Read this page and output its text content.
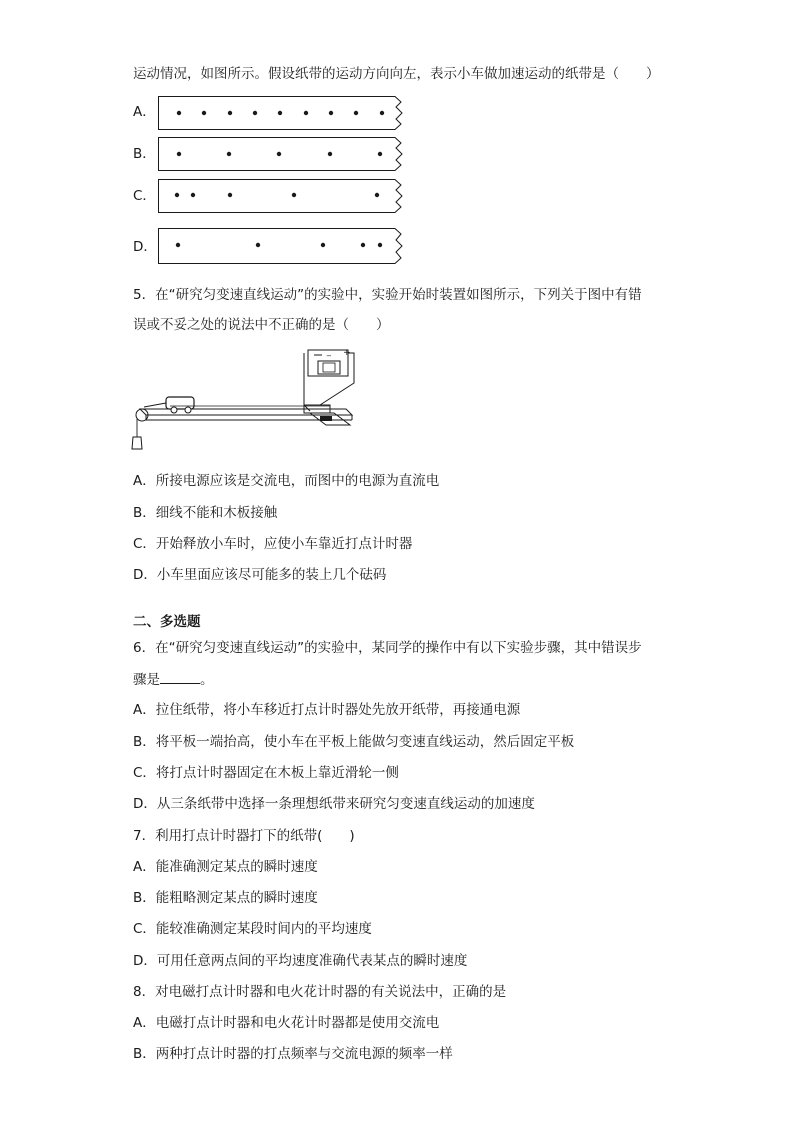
运动情况，如图所示。假设纸带的运动方向向左，表示小车做加速运动的纸带是（　　）
A．
B．
C．
D．
5．在“研究匀变速直线运动”的实验中，实验开始时装置如图所示，下列关于图中有错
误或不妥之处的说法中不正确的是（　　）
− +
A．所接电源应该是交流电，而图中的电源为直流电
B．细线不能和木板接触
C．开始释放小车时，应使小车靠近打点计时器
D．小车里面应该尽可能多的装上几个砝码
二、多选题
6．在“研究匀变速直线运动”的实验中，某同学的操作中有以下实验步骤，其中错误步
骤是	。
A．拉住纸带，将小车移近打点计时器处先放开纸带，再接通电源
B．将平板一端抬高，使小车在平板上能做匀变速直线运动，然后固定平板
C．将打点计时器固定在木板上靠近滑轮一侧
D．从三条纸带中选择一条理想纸带来研究匀变速直线运动的加速度
7．利用打点计时器打下的纸带(　　)
A．能准确测定某点的瞬时速度
B．能粗略测定某点的瞬时速度
C．能较准确测定某段时间内的平均速度
D．可用任意两点间的平均速度准确代表某点的瞬时速度
8．对电磁打点计时器和电火花计时器的有关说法中，正确的是
A．电磁打点计时器和电火花计时器都是使用交流电
B．两种打点计时器的打点频率与交流电源的频率一样
